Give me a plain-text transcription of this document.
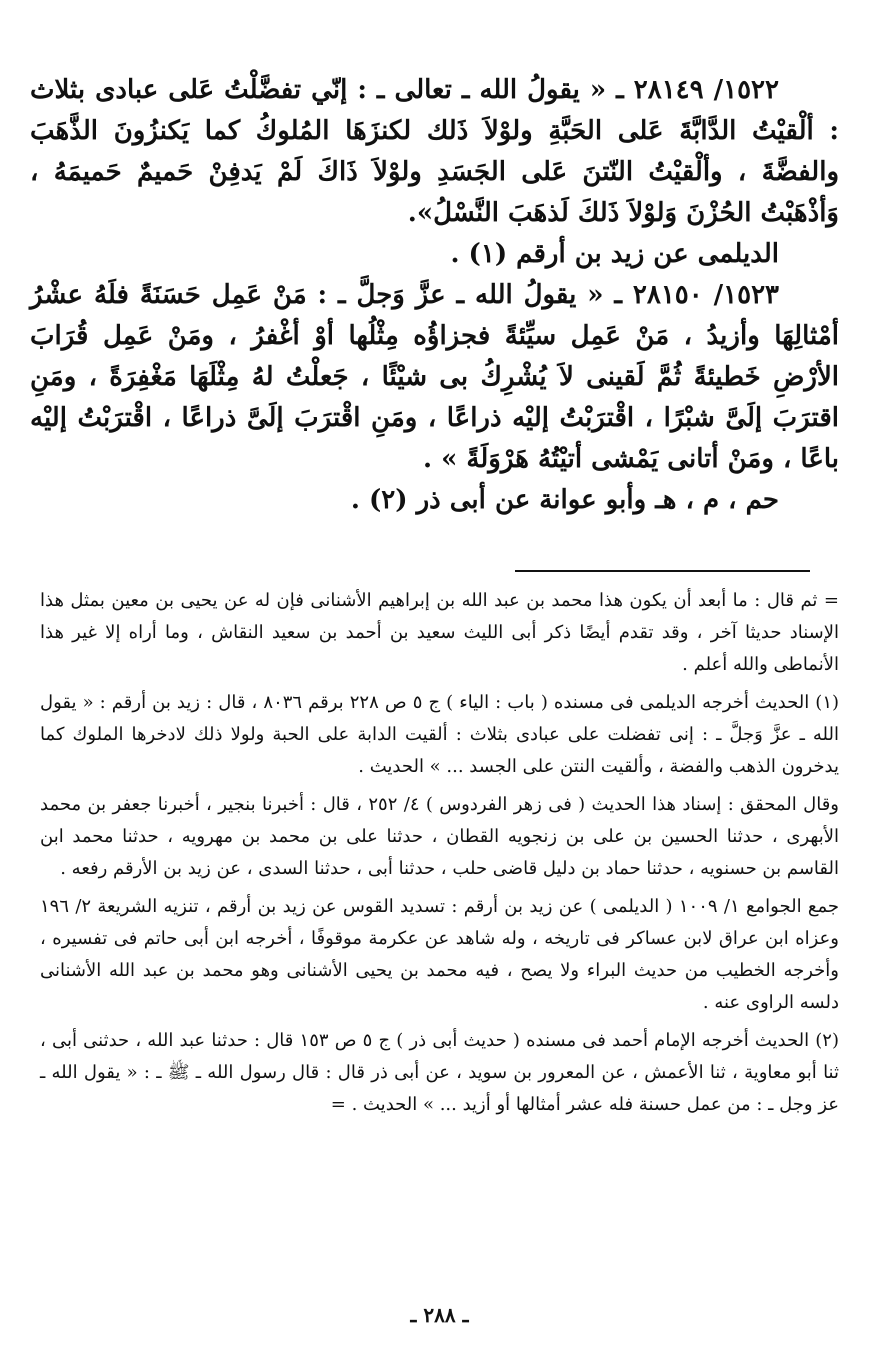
١٥٢٢/ ٢٨١٤٩ ـ « يقولُ الله ـ تعالى ـ : إنّي تفضَّلْتُ عَلى عبادى بثلاث : ألْقيْتُ الدَّابَّةَ عَلى الحَبَّةِ ولوْلاَ ذَلك لكنزَهَا المُلوكُ كما يَكنزُونَ الذَّهَبَ والفضَّةَ ، وألْقيْتُ النّتنَ عَلى الجَسَدِ ولوْلاَ ذَاكَ لَمْ يَدفِنْ حَميمٌ حَميمَهُ ، وَأذْهَبْتُ الحُزْنَ وَلوْلاَ ذَلكَ لَذهَبَ النَّسْلُ».

الديلمى عن زيد بن أرقم (١) .

١٥٢٣/ ٢٨١٥٠ ـ « يقولُ الله ـ عزَّ وَجلَّ ـ : مَنْ عَمِل حَسَنَةً فلَهُ عشْرُ أمْثالِهَا وأزيدُ ، مَنْ عَمِل سيِّئةً فجزاؤُه مِثْلُها أوْ أغْفرُ ، ومَنْ عَمِل قُرَابَ الأرْضِ خَطيئةً ثُمَّ لَقينى لاَ يُشْرِكُ بى شيْئًا ، جَعلْتُ لهُ مِثْلَهَا مَغْفِرَةً ، ومَنِ اقترَبَ إلَىَّ شبْرًا ، اقْترَبْتُ إليْه ذراعًا ، ومَنِ اقْترَبَ إلَىَّ ذراعًا ، اقْترَبْتُ إليْه باعًا ، ومَنْ أتانى يَمْشى أتيْتُهُ هَرْوَلَةً » .

حم ، م ، هـ وأبو عوانة عن أبى ذر (٢) .

= ثم قال : ما أبعد أن يكون هذا محمد بن عبد الله بن إبراهيم الأشنانى فإن له عن يحيى بن معين بمثل هذا الإسناد حديثا آخر ، وقد تقدم أيضًا ذكر أبى الليث سعيد بن أحمد بن سعيد النقاش ، وما أراه إلا غير هذا الأنماطى والله أعلم .

(١) الحديث أخرجه الديلمى فى مسنده ( باب : الياء ) ج ٥ ص ٢٢٨ برقم ٨٠٣٦ ، قال : زيد بن أرقم : « يقول الله ـ عزَّ وَجلَّ ـ : إنى تفضلت على عبادى بثلاث : ألقيت الدابة على الحبة ولولا ذلك لادخرها الملوك كما يدخرون الذهب والفضة ، وألقيت النتن على الجسد ... » الحديث .

وقال المحقق : إسناد هذا الحديث ( فى زهر الفردوس ) ٤/ ٢٥٢ ، قال : أخبرنا بنجير ، أخبرنا جعفر بن محمد الأبهرى ، حدثنا الحسين بن على بن زنجويه القطان ، حدثنا على بن محمد بن مهرويه ، حدثنا محمد ابن القاسم بن حسنويه ، حدثنا حماد بن دليل قاضى حلب ، حدثنا أبى ، حدثنا السدى ، عن زيد بن الأرقم رفعه .

جمع الجوامع ١/ ١٠٠٩ ( الديلمى ) عن زيد بن أرقم : تسديد القوس عن زيد بن أرقم ، تنزيه الشريعة ٢/ ١٩٦ وعزاه ابن عراق لابن عساكر فى تاريخه ، وله شاهد عن عكرمة موقوفًا ، أخرجه ابن أبى حاتم فى تفسيره ، وأخرجه الخطيب من حديث البراء ولا يصح ، فيه محمد بن يحيى الأشنانى وهو محمد بن عبد الله الأشنانى دلسه الراوى عنه .

(٢) الحديث أخرجه الإمام أحمد فى مسنده ( حديث أبى ذر ) ج ٥ ص ١٥٣ قال : حدثنا عبد الله ، حدثنى أبى ، ثنا أبو معاوية ، ثنا الأعمش ، عن المعرور بن سويد ، عن أبى ذر قال : قال رسول الله ـ ﷺ ـ : « يقول الله ـ عز وجل ـ : من عمل حسنة فله عشر أمثالها أو أزيد ... » الحديث . =

ـ ٢٨٨ ـ
